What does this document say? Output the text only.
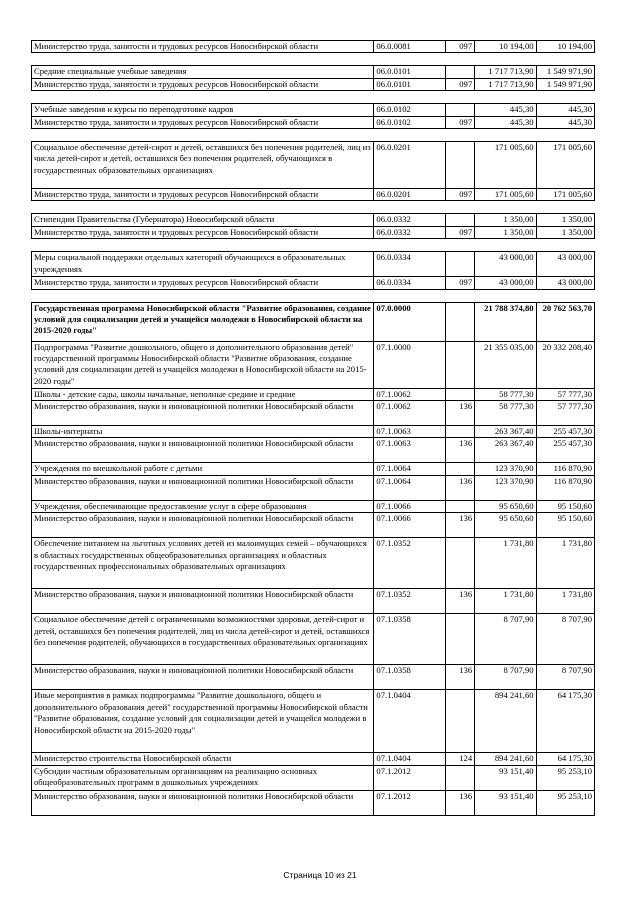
Министерство труда, занятости и трудовых ресурсов Новосибирской области	06.0.0081	097	10 194,00	10 194,00

Средние специальные учебные заведения	06.0.0101		1 717 713,90	1 549 971,90
Министерство труда, занятости и трудовых ресурсов Новосибирской области	06.0.0101	097	1 717 713,90	1 549 971,90

Учебные заведения и курсы по переподготовке кадров	06.0.0102		445,30	445,30
Министерство труда, занятости и трудовых ресурсов Новосибирской области	06.0.0102	097	445,30	445,30

Социальное обеспечение детей-сирот и детей, оставшихся без попечения родителей, лиц из числа детей-сирот и детей, оставшихся без попечения родителей, обучающихся в государственных образовательных организациях	06.0.0201		171 005,60	171 005,60
Министерство труда, занятости и трудовых ресурсов Новосибирской области	06.0.0201	097	171 005,60	171 005,60

Стипендии Правительства (Губернатора) Новосибирской области	06.0.0332		1 350,00	1 350,00
Министерство труда, занятости и трудовых ресурсов Новосибирской области	06.0.0332	097	1 350,00	1 350,00

Меры социальной поддержки отдельных категорий обучающихся в образовательных учреждениях	06.0.0334		43 000,00	43 000,00
Министерство труда, занятости и трудовых ресурсов Новосибирской области	06.0.0334	097	43 000,00	43 000,00

Государственная программа Новосибирской области "Развитие образования, создание условий для социализации детей и учащейся молодежи в Новосибирской области на 2015-2020 годы"	07.0.0000		21 788 374,80	20 762 563,70
Подпрограмма "Развитие дошкольного, общего и дополнительного образования детей" государственной программы Новосибирской области "Развитие образования, создание условий для социализации детей и учащейся молодежи в Новосибирской области на 2015-2020 годы"	07.1.0000		21 355 035,00	20 332 208,40
Школы - детские сады, школы начальные, неполные средние и средние	07.1.0062		58 777,30	57 777,30
Министерство образования, науки и инновационной политики Новосибирской области	07.1.0062	136	58 777,30	57 777,30
Школы-интернаты	07.1.0063		263 367,40	255 457,30
Министерство образования, науки и инновационной политики Новосибирской области	07.1.0063	136	263 367,40	255 457,30
Учреждения по внешкольной работе с детьми	07.1.0064		123 370,90	116 870,90
Министерство образования, науки и инновационной политики Новосибирской области	07.1.0064	136	123 370,90	116 870,90
Учреждения, обеспечивающие предоставление услуг в сфере образования	07.1.0066		95 650,60	95 150,60
Министерство образования, науки и инновационной политики Новосибирской области	07.1.0066	136	95 650,60	95 150,60
Обеспечение питанием на льготных условиях детей из малоимущих семей – обучающихся в областных государственных общеобразовательных организациях и областных государственных профессиональных образовательных организациях	07.1.0352		1 731,80	1 731,80
Министерство образования, науки и инновационной политики Новосибирской области	07.1.0352	136	1 731,80	1 731,80
Социальное обеспечение детей с ограниченными возможностями здоровья, детей-сирот и детей, оставшихся без попечения родителей, лиц из числа детей-сирот и детей, оставшихся без попечения родителей, обучающихся в государственных образовательных организациях	07.1.0358		8 707,90	8 707,90
Министерство образования, науки и инновационной политики Новосибирской области	07.1.0358	136	8 707,90	8 707,90
Иные мероприятия в рамках подпрограммы "Развитие дошкольного, общего и дополнительного образования детей" государственной программы Новосибирской области "Развитие образования, создание условий для социализации детей и учащейся молодежи в Новосибирской области на 2015-2020 годы"	07.1.0404		894 241,60	64 175,30
Министерство строительства Новосибирской области	07.1.0404	124	894 241,60	64 175,30
Субсидии частным образовательным организациям на реализацию основных общеобразовательных программ в дошкольных учреждениях	07.1.2012		93 151,40	95 253,10
Министерство образования, науки и инновационной политики Новосибирской области	07.1.2012	136	93 151,40	95 253,10
Страница 10 из 21
